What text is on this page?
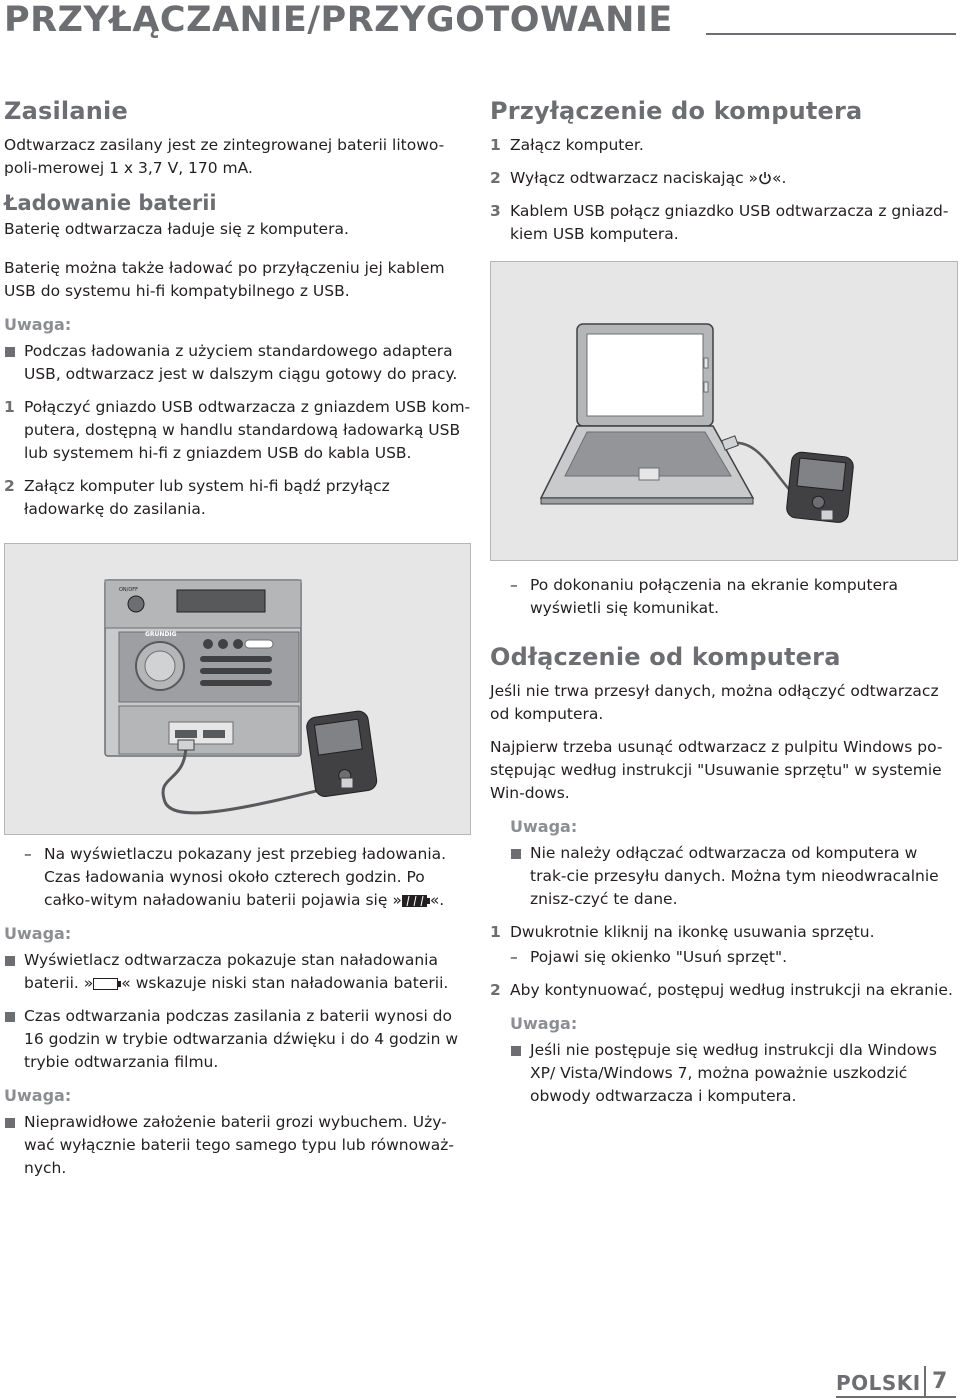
PRZYŁĄCZANIE/PRZYGOTOWANIE
Zasilanie
Odtwarzacz zasilany jest ze zintegrowanej baterii litowo-poli-merowej 1 x 3,7 V, 170 mA.
Ładowanie baterii
Baterię odtwarzacza ładuje się z komputera.
Baterię można także ładować po przyłączeniu jej kablem USB do systemu hi-fi kompatybilnego z USB.
Uwaga:
Podczas ładowania z użyciem standardowego adaptera USB, odtwarzacz jest w dalszym ciągu gotowy do pracy.
1 Połączyć gniazdo USB odtwarzacza z gniazdem USB kom-putera, dostępną w handlu standardową ładowarką USB lub systemem hi-fi z gniazdem USB do kabla USB.
2 Załącz komputer lub system hi-fi bądź przyłącz ładowarkę do zasilania.
ON/OFF
GRUNDIG
– Na wyświetlaczu pokazany jest przebieg ładowania. Czas ładowania wynosi około czterech godzin. Po całko-witym naładowaniu baterii pojawia się » «.
Uwaga:
Wyświetlacz odtwarzacza pokazuje stan naładowania baterii. » « wskazuje niski stan naładowania baterii.
Czas odtwarzania podczas zasilania z baterii wynosi do 16 godzin w trybie odtwarzania dźwięku i do 4 godzin w trybie odtwarzania filmu.
Uwaga:
Nieprawidłowe założenie baterii grozi wybuchem. Uży-wać wyłącznie baterii tego samego typu lub równoważ-nych.
Przyłączenie do komputera
1 Załącz komputer.
2 Wyłącz odtwarzacz naciskając » «.
3 Kablem USB połącz gniazdko USB odtwarzacza z gniazd-kiem USB komputera.
– Po dokonaniu połączenia na ekranie komputera wyświetli się komunikat.
Odłączenie od komputera
Jeśli nie trwa przesył danych, można odłączyć odtwarzacz od komputera.
Najpierw trzeba usunąć odtwarzacz z pulpitu Windows po-stępując według instrukcji "Usuwanie sprzętu" w systemie Win-dows.
Uwaga:
Nie należy odłączać odtwarzacza od komputera w trak-cie przesyłu danych. Można tym nieodwracalnie znisz-czyć te dane.
1 Dwukrotnie kliknij na ikonkę usuwania sprzętu.
– Pojawi się okienko "Usuń sprzęt".
2 Aby kontynuować, postępuj według instrukcji na ekranie.
Uwaga:
Jeśli nie postępuje się według instrukcji dla Windows XP/ Vista/Windows 7, można poważnie uszkodzić obwody odtwarzacza i komputera.
POLSKI 7
